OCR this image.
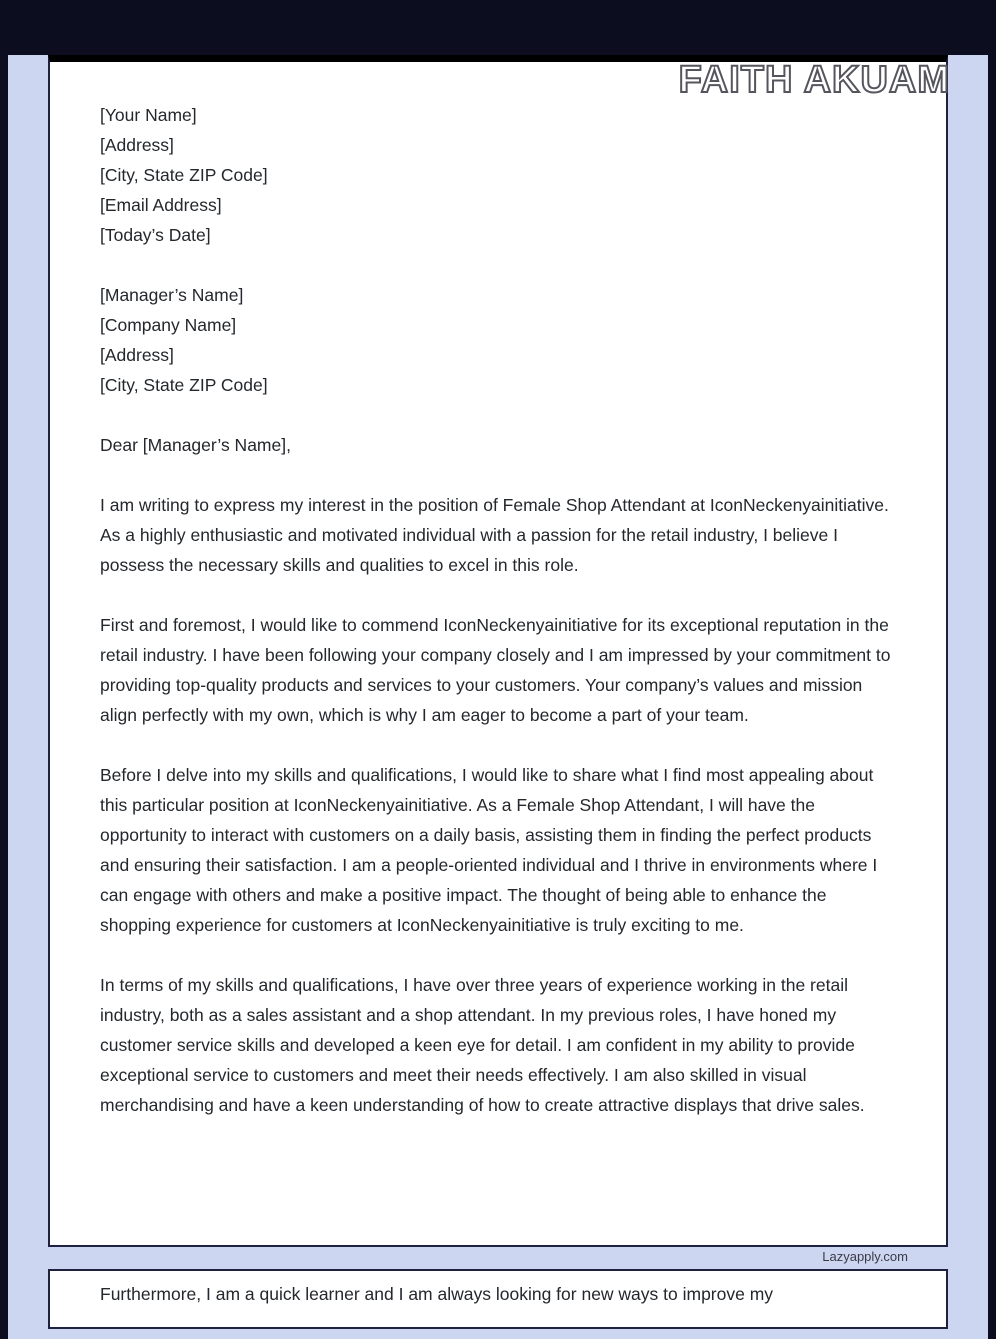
FAITH AKUAM
[Your Name]
[Address]
[City, State ZIP Code]
[Email Address]
[Today’s Date]
[Manager’s Name]
[Company Name]
[Address]
[City, State ZIP Code]
Dear [Manager’s Name],

I am writing to express my interest in the position of Female Shop Attendant at IconNeckenyainitiative. As a highly enthusiastic and motivated individual with a passion for the retail industry, I believe I possess the necessary skills and qualities to excel in this role.

First and foremost, I would like to commend IconNeckenyainitiative for its exceptional reputation in the retail industry. I have been following your company closely and I am impressed by your commitment to providing top-quality products and services to your customers. Your company’s values and mission align perfectly with my own, which is why I am eager to become a part of your team.

Before I delve into my skills and qualifications, I would like to share what I find most appealing about this particular position at IconNeckenyainitiative. As a Female Shop Attendant, I will have the opportunity to interact with customers on a daily basis, assisting them in finding the perfect products and ensuring their satisfaction. I am a people-oriented individual and I thrive in environments where I can engage with others and make a positive impact. The thought of being able to enhance the shopping experience for customers at IconNeckenyainitiative is truly exciting to me.

In terms of my skills and qualifications, I have over three years of experience working in the retail industry, both as a sales assistant and a shop attendant. In my previous roles, I have honed my customer service skills and developed a keen eye for detail. I am confident in my ability to provide exceptional service to customers and meet their needs effectively. I am also skilled in visual merchandising and have a keen understanding of how to create attractive displays that drive sales.

Lazyapply.com

Furthermore, I am a quick learner and I am always looking for new ways to improve my
